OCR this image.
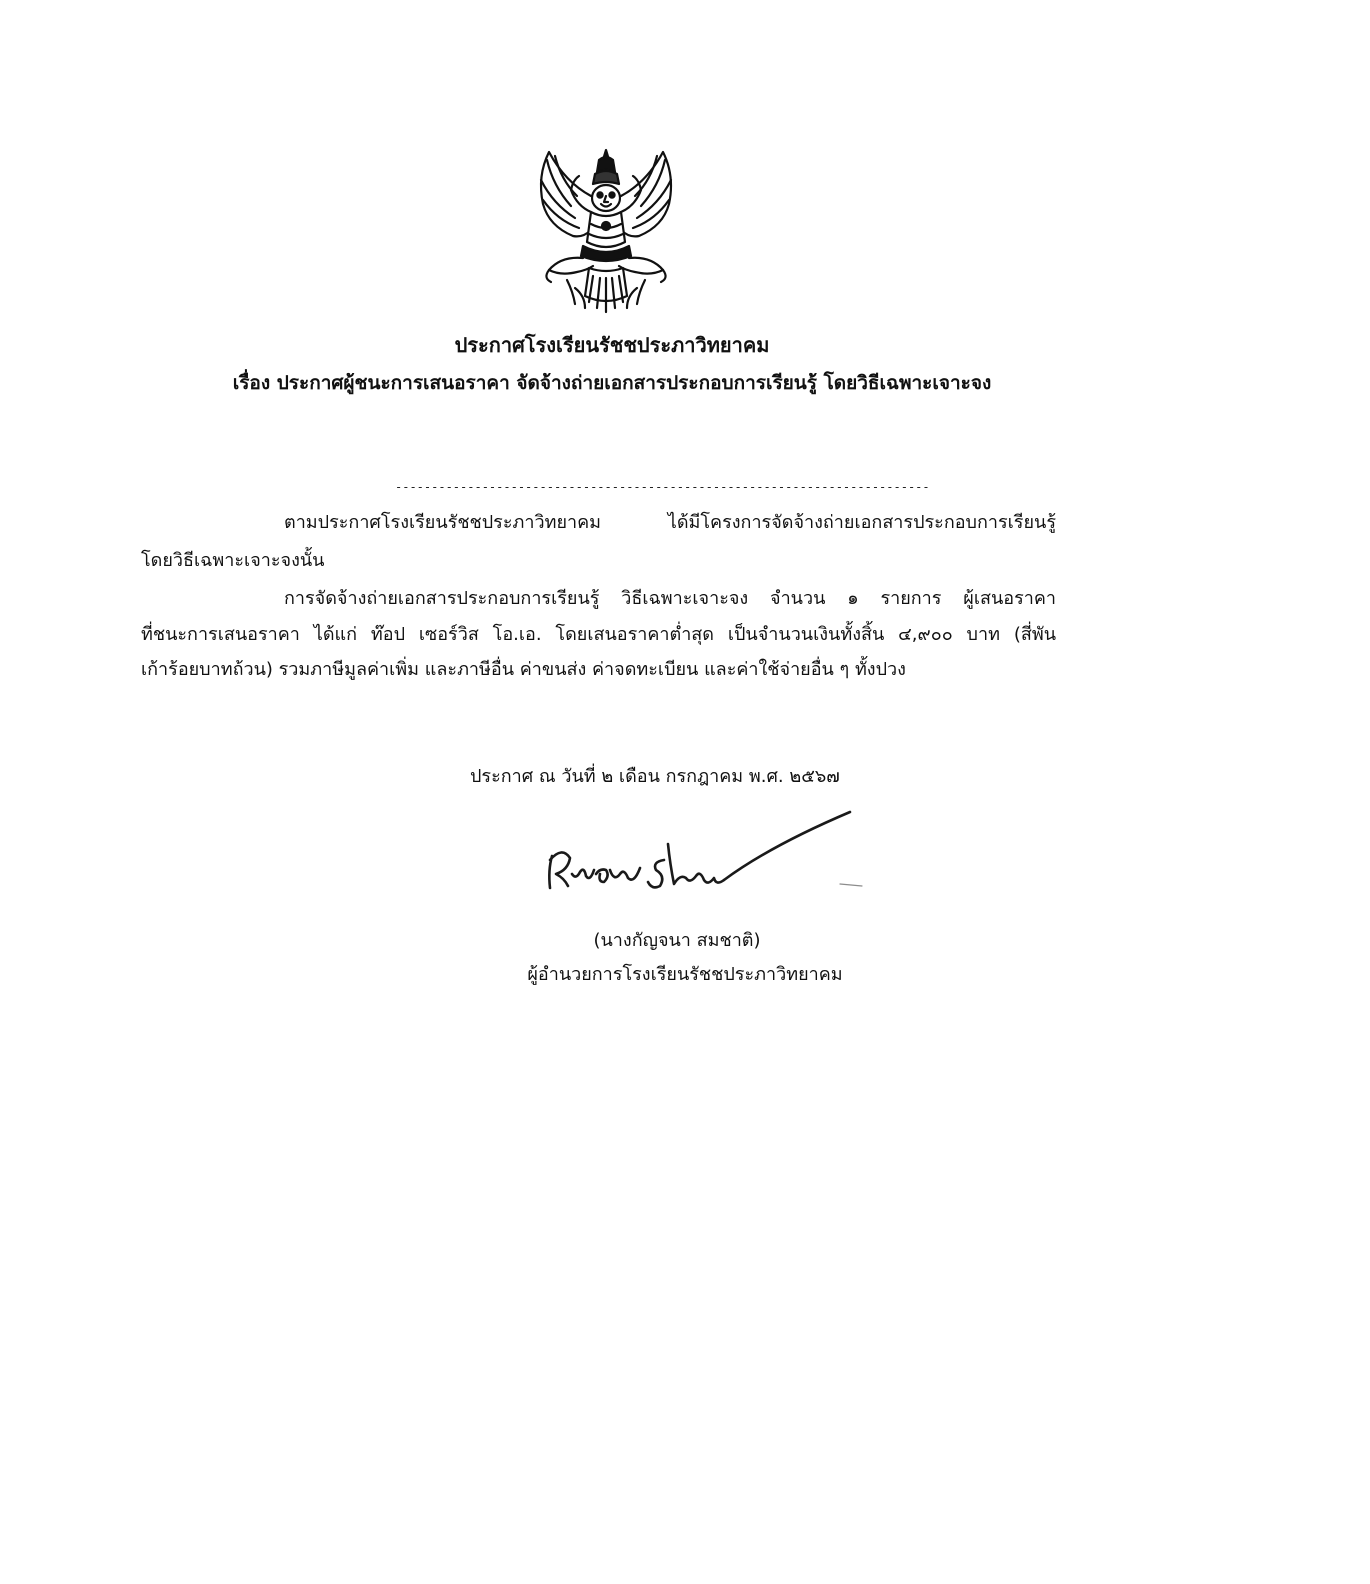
ประกาศโรงเรียนรัชชประภาวิทยาคม
เรื่อง ประกาศผู้ชนะการเสนอราคา จัดจ้างถ่ายเอกสารประกอบการเรียนรู้ โดยวิธีเฉพาะเจาะจง
--------------------------------------------------------------------------
ตามประกาศโรงเรียนรัชชประภาวิทยาคม ได้มีโครงการจัดจ้างถ่ายเอกสารประกอบการเรียนรู้
โดยวิธีเฉพาะเจาะจงนั้น
การจัดจ้างถ่ายเอกสารประกอบการเรียนรู้ วิธีเฉพาะเจาะจง จำนวน ๑ รายการ ผู้เสนอราคา
ที่ชนะการเสนอราคา ได้แก่ ท๊อป เซอร์วิส โอ.เอ. โดยเสนอราคาต่ำสุด เป็นจำนวนเงินทั้งสิ้น ๔,๙๐๐ บาท (สี่พัน
เก้าร้อยบาทถ้วน) รวมภาษีมูลค่าเพิ่ม และภาษีอื่น ค่าขนส่ง ค่าจดทะเบียน และค่าใช้จ่ายอื่น ๆ ทั้งปวง
ประกาศ ณ วันที่ ๒ เดือน กรกฎาคม พ.ศ. ๒๕๖๗
(นางกัญจนา สมชาติ)
ผู้อำนวยการโรงเรียนรัชชประภาวิทยาคม
